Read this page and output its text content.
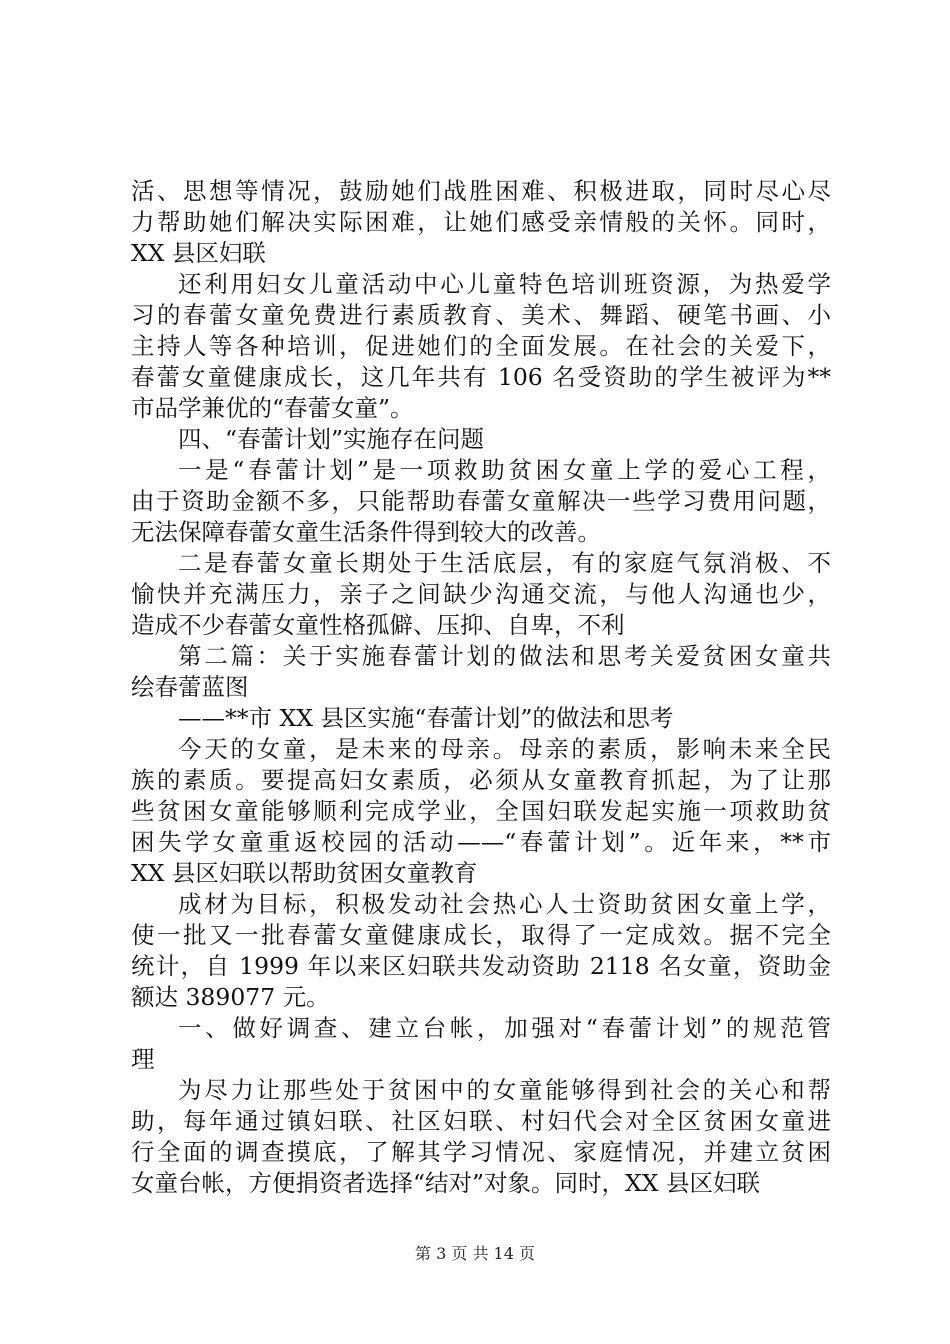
活、思想等情况，鼓励她们战胜困难、积极进取，同时尽心尽
力帮助她们解决实际困难，让她们感受亲情般的关怀。同时，
XX 县区妇联
还利用妇女儿童活动中心儿童特色培训班资源，为热爱学
习的春蕾女童免费进行素质教育、美术、舞蹈、硬笔书画、小
主持人等各种培训，促进她们的全面发展。在社会的关爱下，
春蕾女童健康成长，这几年共有 106 名受资助的学生被评为**
市品学兼优的“春蕾女童”。
四、“春蕾计划”实施存在问题
一是“春蕾计划”是一项救助贫困女童上学的爱心工程，
由于资助金额不多，只能帮助春蕾女童解决一些学习费用问题，
无法保障春蕾女童生活条件得到较大的改善。
二是春蕾女童长期处于生活底层，有的家庭气氛消极、不
愉快并充满压力，亲子之间缺少沟通交流，与他人沟通也少，
造成不少春蕾女童性格孤僻、压抑、自卑，不利
第二篇：关于实施春蕾计划的做法和思考关爱贫困女童共
绘春蕾蓝图
——**市 XX 县区实施“春蕾计划”的做法和思考
今天的女童，是未来的母亲。母亲的素质，影响未来全民
族的素质。要提高妇女素质，必须从女童教育抓起，为了让那
些贫困女童能够顺利完成学业，全国妇联发起实施一项救助贫
困失学女童重返校园的活动——“春蕾计划”。近年来，**市
XX 县区妇联以帮助贫困女童教育
成材为目标，积极发动社会热心人士资助贫困女童上学，
使一批又一批春蕾女童健康成长，取得了一定成效。据不完全
统计，自 1999 年以来区妇联共发动资助 2118 名女童，资助金
额达 389077 元。
一、做好调查、建立台帐，加强对“春蕾计划”的规范管
理
为尽力让那些处于贫困中的女童能够得到社会的关心和帮
助，每年通过镇妇联、社区妇联、村妇代会对全区贫困女童进
行全面的调查摸底，了解其学习情况、家庭情况，并建立贫困
女童台帐，方便捐资者选择“结对”对象。同时，XX 县区妇联
第 3 页 共 14 页
